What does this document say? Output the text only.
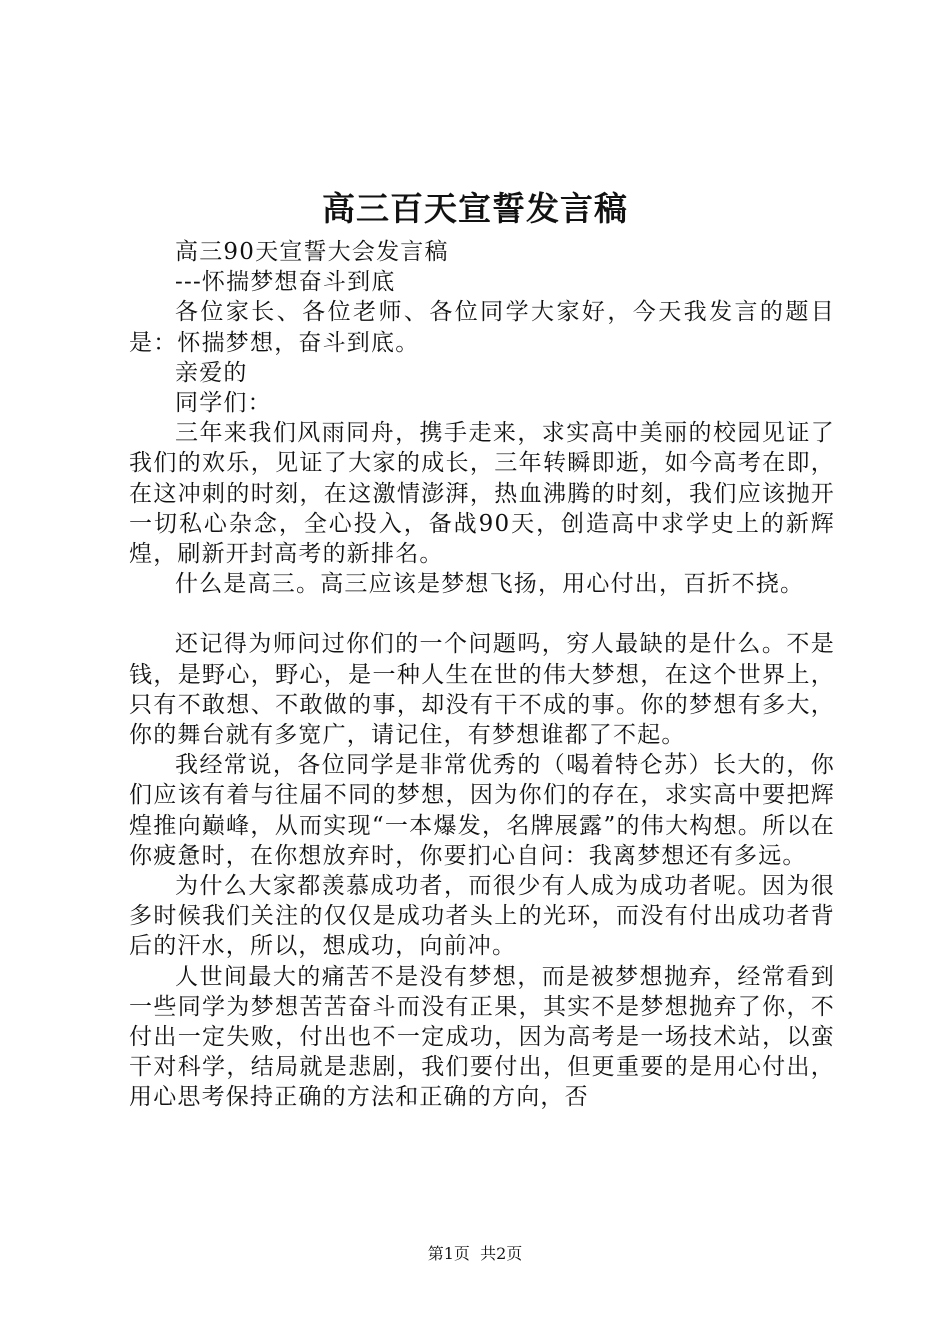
高三百天宣誓发言稿

高三90天宣誓大会发言稿

---怀揣梦想奋斗到底

各位家长、各位老师、各位同学大家好，今天我发言的题目是：怀揣梦想，奋斗到底。

亲爱的

同学们：

三年来我们风雨同舟，携手走来，求实高中美丽的校园见证了我们的欢乐，见证了大家的成长，三年转瞬即逝，如今高考在即，在这冲刺的时刻，在这激情澎湃，热血沸腾的时刻，我们应该抛开一切私心杂念，全心投入，备战90天，创造高中求学史上的新辉煌，刷新开封高考的新排名。

什么是高三。高三应该是梦想飞扬，用心付出，百折不挠。

还记得为师问过你们的一个问题吗，穷人最缺的是什么。不是钱，是野心，野心，是一种人生在世的伟大梦想，在这个世界上，只有不敢想、不敢做的事，却没有干不成的事。你的梦想有多大，你的舞台就有多宽广，请记住，有梦想谁都了不起。

我经常说，各位同学是非常优秀的（喝着特仑苏）长大的，你们应该有着与往届不同的梦想，因为你们的存在，求实高中要把辉煌推向巅峰，从而实现“一本爆发，名牌展露”的伟大构想。所以在你疲惫时，在你想放弃时，你要扪心自问：我离梦想还有多远。

为什么大家都羡慕成功者，而很少有人成为成功者呢。因为很多时候我们关注的仅仅是成功者头上的光环，而没有付出成功者背后的汗水，所以，想成功，向前冲。

人世间最大的痛苦不是没有梦想，而是被梦想抛弃，经常看到一些同学为梦想苦苦奋斗而没有正果，其实不是梦想抛弃了你，不付出一定失败，付出也不一定成功，因为高考是一场技术站，以蛮干对科学，结局就是悲剧，我们要付出，但更重要的是用心付出，用心思考保持正确的方法和正确的方向，否

第1页  共2页
